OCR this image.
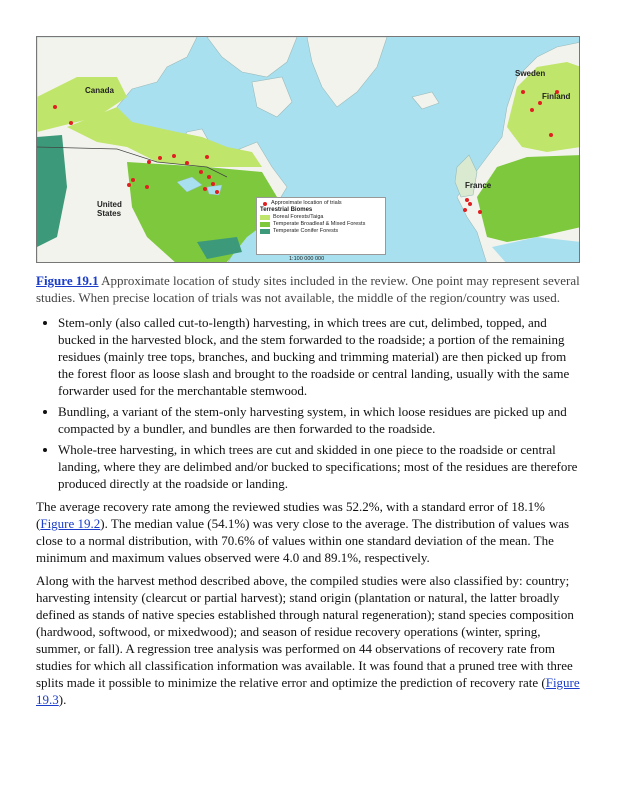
Canada
United
States
Sweden
Finland
France
Approximate location of trials
Terrestrial Biomes
Boreal Forests/Taiga
Temperate Broadleaf & Mixed Forests
Temperate Conifer Forests
1:100 000 000
Figure 19.1 Approximate location of study sites included in the review. One point may represent several studies. When precise location of trials was not available, the middle of the region/country was used.
• Stem-only (also called cut-to-length) harvesting, in which trees are cut, delimbed, topped, and bucked in the harvested block, and the stem forwarded to the roadside; a portion of the remaining residues (mainly tree tops, branches, and bucking and trimming material) are then picked up from the forest floor as loose slash and brought to the roadside or central landing, usually with the same forwarder used for the merchantable stemwood.
• Bundling, a variant of the stem-only harvesting system, in which loose residues are picked up and compacted by a bundler, and bundles are then forwarded to the roadside.
• Whole-tree harvesting, in which trees are cut and skidded in one piece to the roadside or central landing, where they are delimbed and/or bucked to specifications; most of the residues are therefore produced directly at the roadside or landing.

The average recovery rate among the reviewed studies was 52.2%, with a standard error of 18.1% (Figure 19.2). The median value (54.1%) was very close to the average. The distribution of values was close to a normal distribution, with 70.6% of values within one standard deviation of the mean. The minimum and maximum values observed were 4.0 and 89.1%, respectively.

Along with the harvest method described above, the compiled studies were also classified by: country; harvesting intensity (clearcut or partial harvest); stand origin (plantation or natural, the latter broadly defined as stands of native species established through natural regeneration); stand species composition (hardwood, softwood, or mixedwood); and season of residue recovery operations (winter, spring, summer, or fall). A regression tree analysis was performed on 44 observations of recovery rate from studies for which all classification information was available. It was found that a pruned tree with three splits made it possible to minimize the relative error and optimize the prediction of recovery rate (Figure 19.3).
